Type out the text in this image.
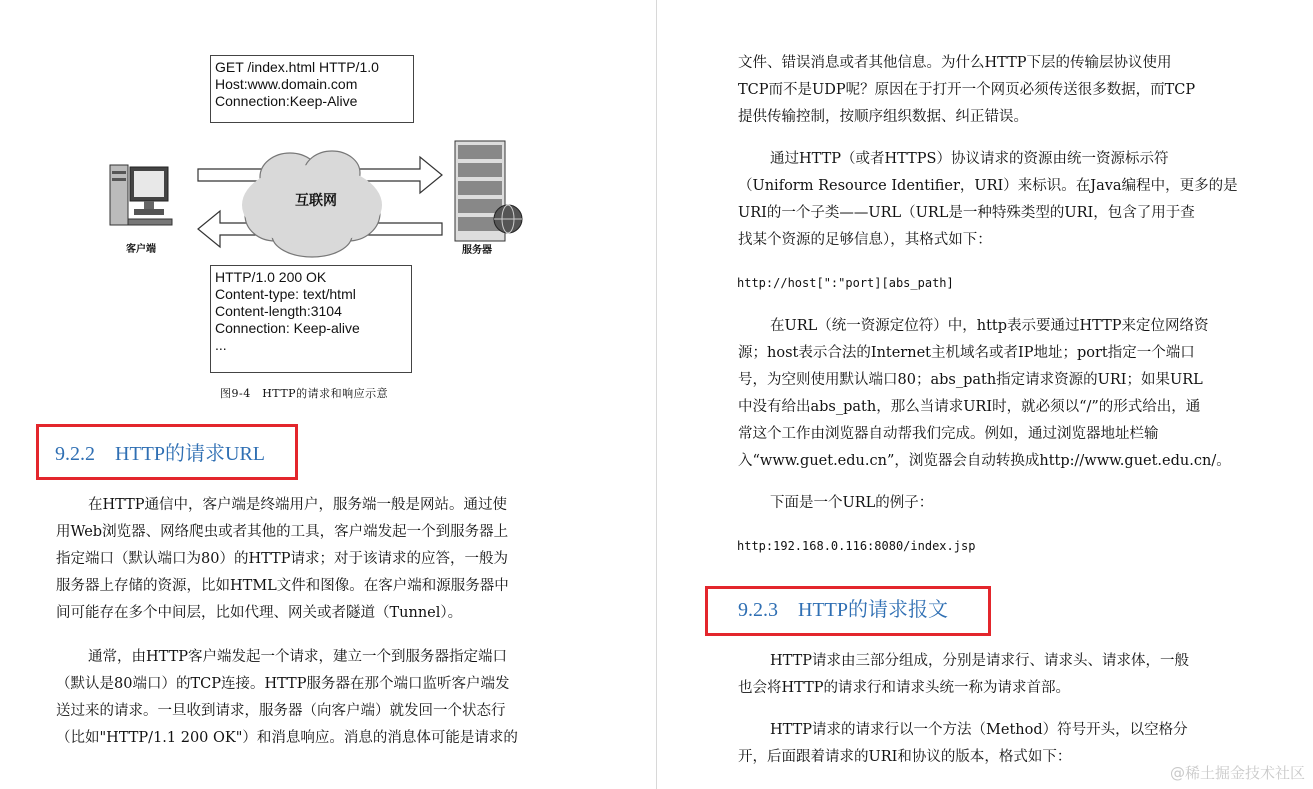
GET /index.html HTTP/1.0
Host:www.domain.com
Connection:Keep-Alive
HTTP/1.0 200 OK
Content-type: text/html
Content-length:3104
Connection: Keep-alive
...
互联网
客户端	服务器
图9-4　HTTP的请求和响应示意
9.2.2　HTTP的请求URL
在HTTP通信中，客户端是终端用户，服务端一般是网站。通过使
用Web浏览器、网络爬虫或者其他的工具，客户端发起一个到服务器上
指定端口（默认端口为80）的HTTP请求；对于该请求的应答，一般为
服务器上存储的资源，比如HTML文件和图像。在客户端和源服务器中
间可能存在多个中间层，比如代理、网关或者隧道（Tunnel）。
通常，由HTTP客户端发起一个请求，建立一个到服务器指定端口
（默认是80端口）的TCP连接。HTTP服务器在那个端口监听客户端发
送过来的请求。一旦收到请求，服务器（向客户端）就发回一个状态行
（比如"HTTP/1.1 200 OK"）和消息响应。消息的消息体可能是请求的
文件、错误消息或者其他信息。为什么HTTP下层的传输层协议使用
TCP而不是UDP呢？原因在于打开一个网页必须传送很多数据，而TCP
提供传输控制，按顺序组织数据、纠正错误。
通过HTTP（或者HTTPS）协议请求的资源由统一资源标示符
（Uniform Resource Identifier，URI）来标识。在Java编程中，更多的是
URI的一个子类——URL（URL是一种特殊类型的URI，包含了用于查
找某个资源的足够信息），其格式如下：
http://host[":"port][abs_path]
在URL（统一资源定位符）中，http表示要通过HTTP来定位网络资
源；host表示合法的Internet主机域名或者IP地址；port指定一个端口
号，为空则使用默认端口80；abs_path指定请求资源的URI；如果URL
中没有给出abs_path，那么当请求URI时，就必须以“/”的形式给出，通
常这个工作由浏览器自动帮我们完成。例如，通过浏览器地址栏输
入“www.guet.edu.cn”，浏览器会自动转换成http://www.guet.edu.cn/。
下面是一个URL的例子：
http:192.168.0.116:8080/index.jsp
9.2.3　HTTP的请求报文
HTTP请求由三部分组成，分别是请求行、请求头、请求体，一般
也会将HTTP的请求行和请求头统一称为请求首部。
HTTP请求的请求行以一个方法（Method）符号开头，以空格分
开，后面跟着请求的URI和协议的版本，格式如下：
@稀土掘金技术社区
